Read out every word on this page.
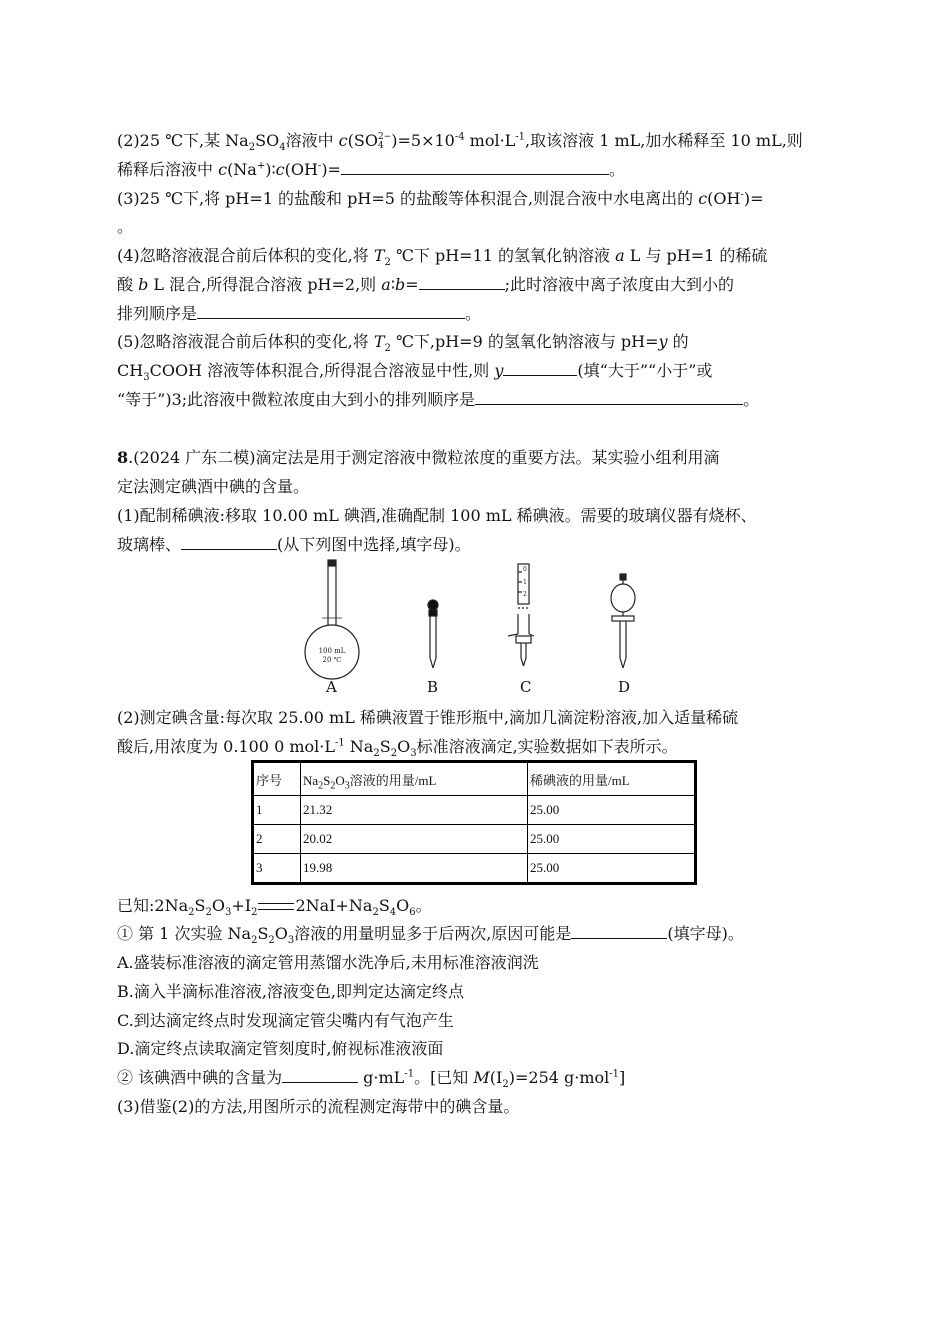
(2)25 ℃下,某 $Na_2SO_4$溶液中 c(SO 2−
4 )$=5\times 10^{-4}$ $mol\cdot L^{-1}$,取该溶液 1 mL,加水稀释至 10 mL,则
稀释后溶液中 c(Na+)∶c(OH-)=	。
(3)25 ℃下,将 pH=1 的盐酸和 pH=5 的盐酸等体积混合,则混合液中水电离出的 c(OH-)=
。
(4)忽略溶液混合前后体积的变化,将 $T_2$ ℃下 pH=11 的氢氧化钠溶液 a L 与 pH=1 的稀硫
酸 b L 混合,所得混合溶液 pH=2,则 a∶b=	;此时溶液中离子浓度由大到小的
排列顺序是	。
(5)忽略溶液混合前后体积的变化,将 $T_2$ ℃下,pH=9 的氢氧化钠溶液与 pH=y 的
$CH_3COOH$ 溶液等体积混合,所得混合溶液显中性,则 y	(填“大于”“小于”或
“等于”)3;此溶液中微粒浓度由大到小的排列顺序是	。
8.(2024 广东二模)滴定法是用于测定溶液中微粒浓度的重要方法。某实验小组利用滴
定法测定碘酒中碘的含量。
(1)配制稀碘液:移取 10.00 mL 碘酒,准确配制 100 mL 稀碘液。需要的玻璃仪器有烧杯、
玻璃棒、	(从下列图中选择,填字母)。
100 mL
20 ℃
0
1
2
A	B	C	D
(2)测定碘含量:每次取 25.00 mL 稀碘液置于锥形瓶中,滴加几滴淀粉溶液,加入适量稀硫
酸后,用浓度为 0.100 0 $mol\cdot L^{-1}$ $Na_2S_2O_3$标准溶液滴定,实验数据如下表所示。
序号	$Na_2S_2O_3$溶液的用量/mL	稀碘液的用量/mL
1	21.32	25.00
2	20.02	25.00
3	19.98	25.00
已知$:2Na_2S_2O_3+I_2$ $2NaI+Na_2S_4O_6$。
① 第 1 次实验 $Na_2S_2O_3$溶液的用量明显多于后两次,原因可能是	(填字母)。
A.盛装标准溶液的滴定管用蒸馏水洗净后,未用标准溶液润洗
B.滴入半滴标准溶液,溶液变色,即判定达滴定终点
C.到达滴定终点时发现滴定管尖嘴内有气泡产生
D.滴定终点读取滴定管刻度时,俯视标准液液面
② 该碘酒中碘的含量为	$g\cdot mL^{-1}$。[已知 $M(I_2)=254$ g·mol$^{-1}$]
(3)借鉴(2)的方法,用图所示的流程测定海带中的碘含量。
